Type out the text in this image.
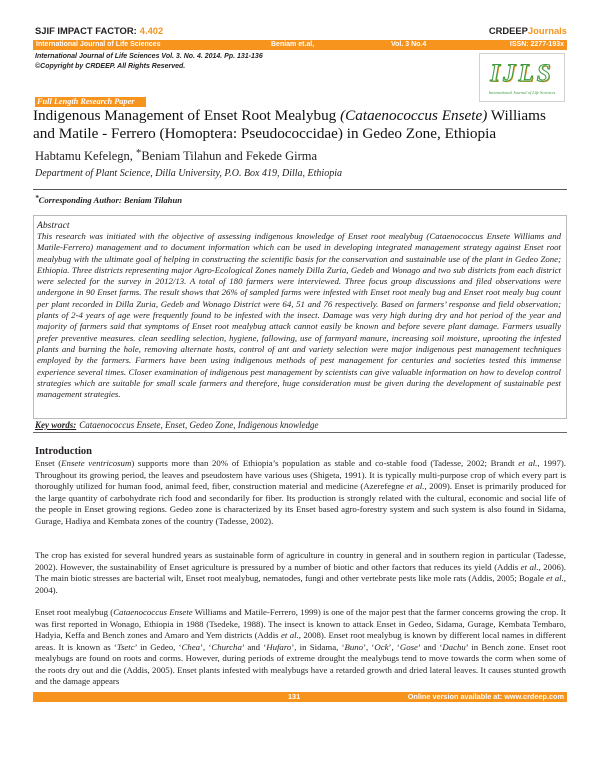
SJIF IMPACT FACTOR: 4.402	CRDEEPJournals
International Journal of Life Sciences	Beniam et.al,	Vol. 3 No.4	ISSN: 2277-193x
International Journal of Life Sciences Vol. 3. No. 4. 2014. Pp. 131-136
©Copyright by CRDEEP. All Rights Reserved.	IJLS
International Journal of Life Sciences
Full Length Research Paper
Indigenous Management of Enset Root Mealybug (Cataenococcus Ensete) Williams and Matile - Ferrero (Homoptera: Pseudococcidae) in Gedeo Zone, Ethiopia
Habtamu Kefelegn, *Beniam Tilahun and Fekede Girma
Department of Plant Science, Dilla University, P.O. Box 419, Dilla, Ethiopia
*Corresponding Author: Beniam Tilahun
Abstract

This research was initiated with the objective of assessing indigenous knowledge of Enset root mealybug (Cataenococcus Ensete Williams and Matile-Ferrero) management and to document information which can be used in developing integrated management strategy against Enset root mealybug with the ultimate goal of helping in constructing the scientific basis for the conservation and sustainable use of the plant in Gedeo Zone; Ethiopia. Three districts representing major Agro-Ecological Zones namely Dilla Zuria, Gedeb and Wonago and two sub districts from each district were selected for the survey in 2012/13. A total of 180 farmers were interviewed. Three focus group discussions and filed observations were undergone in 90 Enset farms. The result shows that 26% of sampled farms were infested with Enset root mealy bug and Enset root mealy bug count per plant recorded in Dilla Zuria, Gedeb and Wonago District were 64, 51 and 76 respectively. Based on farmers’ response and field observation; plants of 2-4 years of age were frequently found to be infested with the insect. Damage was very high during dry and hot period of the year and majority of farmers said that symptoms of Enset root mealybug attack cannot easily be known and before severe plant damage. Farmers usually prefer preventive measures. clean seedling selection, hygiene, fallowing, use of farmyard manure, increasing soil moisture, uprooting the infested plants and burning the hole, removing alternate hosts, control of ant and variety selection were major indigenous pest management techniques employed by the farmers. Farmers have been using indigenous methods of pest management for centuries and societies tested this immense experience several times. Closer examination of indigenous pest management by scientists can give valuable information on how to develop control strategies which are suitable for small scale farmers and therefore, huge consideration must be given during the development of sustainable pest management strategies.

Key words: Cataenococcus Ensete, Enset, Gedeo Zone, Indigenous knowledge
Introduction

Enset (Ensete ventricosum) supports more than 20% of Ethiopia’s population as stable and co-stable food (Tadesse, 2002; Brandt et al., 1997). Throughout its growing period, the leaves and pseudostem have various uses (Shigeta, 1991). It is typically multi-purpose crop of which every part is thoroughly utilized for human food, animal feed, fiber, construction material and medicine (Azerefegne et al., 2009). Enset is primarily produced for the large quantity of carbohydrate rich food and secondarily for fiber. Its production is strongly related with the cultural, economic and social life of the people in Enset growing regions. Gedeo zone is characterized by its Enset based agro-forestry system and such system is also found in Sidama, Gurage, Hadiya and Kembata zones of the country (Tadesse, 2002).

The crop has existed for several hundred years as sustainable form of agriculture in country in general and in southern region in particular (Tadesse, 2002). However, the sustainability of Enset agriculture is pressured by a number of biotic and other factors that reduces its yield (Addis et al., 2006). The main biotic stresses are bacterial wilt, Enset root mealybug, nematodes, fungi and other vertebrate pests like mole rats (Addis, 2005; Bogale et al., 2004).

Enset root mealybug (Cataenococcus Ensete Williams and Matile-Ferrero, 1999) is one of the major pest that the farmer concerns growing the crop. It was first reported in Wonago, Ethiopia in 1988 (Tsedeke, 1988). The insect is known to attack Enset in Gedeo, Sidama, Gurage, Kembata Tembaro, Hadyia, Keffa and Bench zones and Amaro and Yem districts (Addis et al., 2008). Enset root mealybug is known by different local names in different areas. It is known as ‘Tsetc’ in Gedeo, ‘Chea’, ‘Churcha’ and ‘Hufaro’, in Sidama, ‘Buno’, ‘Ock’, ‘Gose’ and ‘Dachu’ in Bench zone. Enset root mealybugs are found on roots and corms. However, during periods of extreme drought the mealybugs tend to move towards the corm when some of the roots dry out and die (Addis, 2005). Enset plants infested with mealybugs have a retarded growth and dried lateral leaves. It causes stunted growth and the damage appears

131	Online version available at: www.crdeep.com
